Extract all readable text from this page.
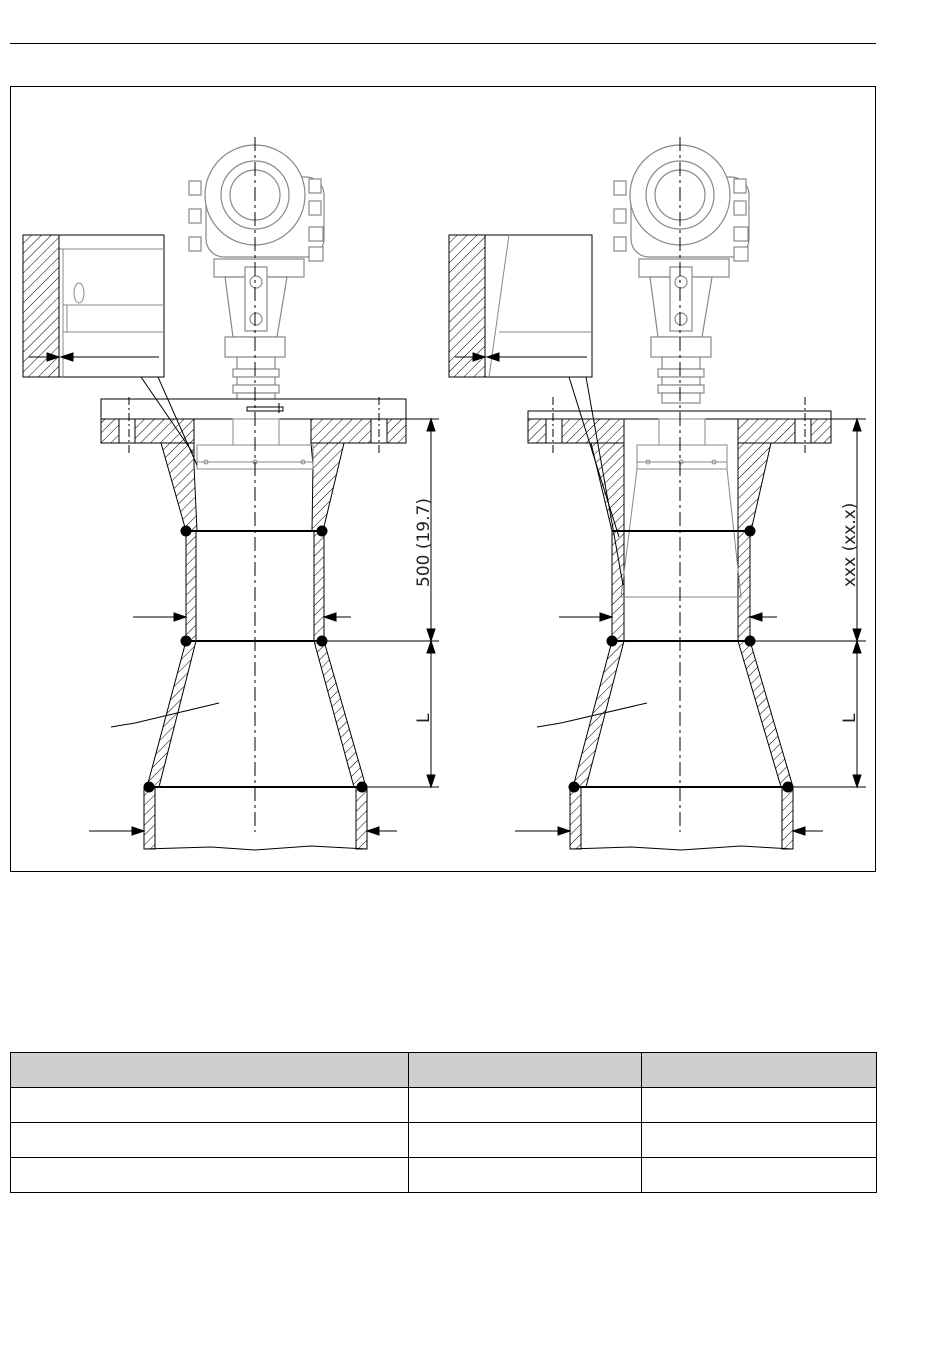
500 (19.7)
L
xxx (xx.x)
L
